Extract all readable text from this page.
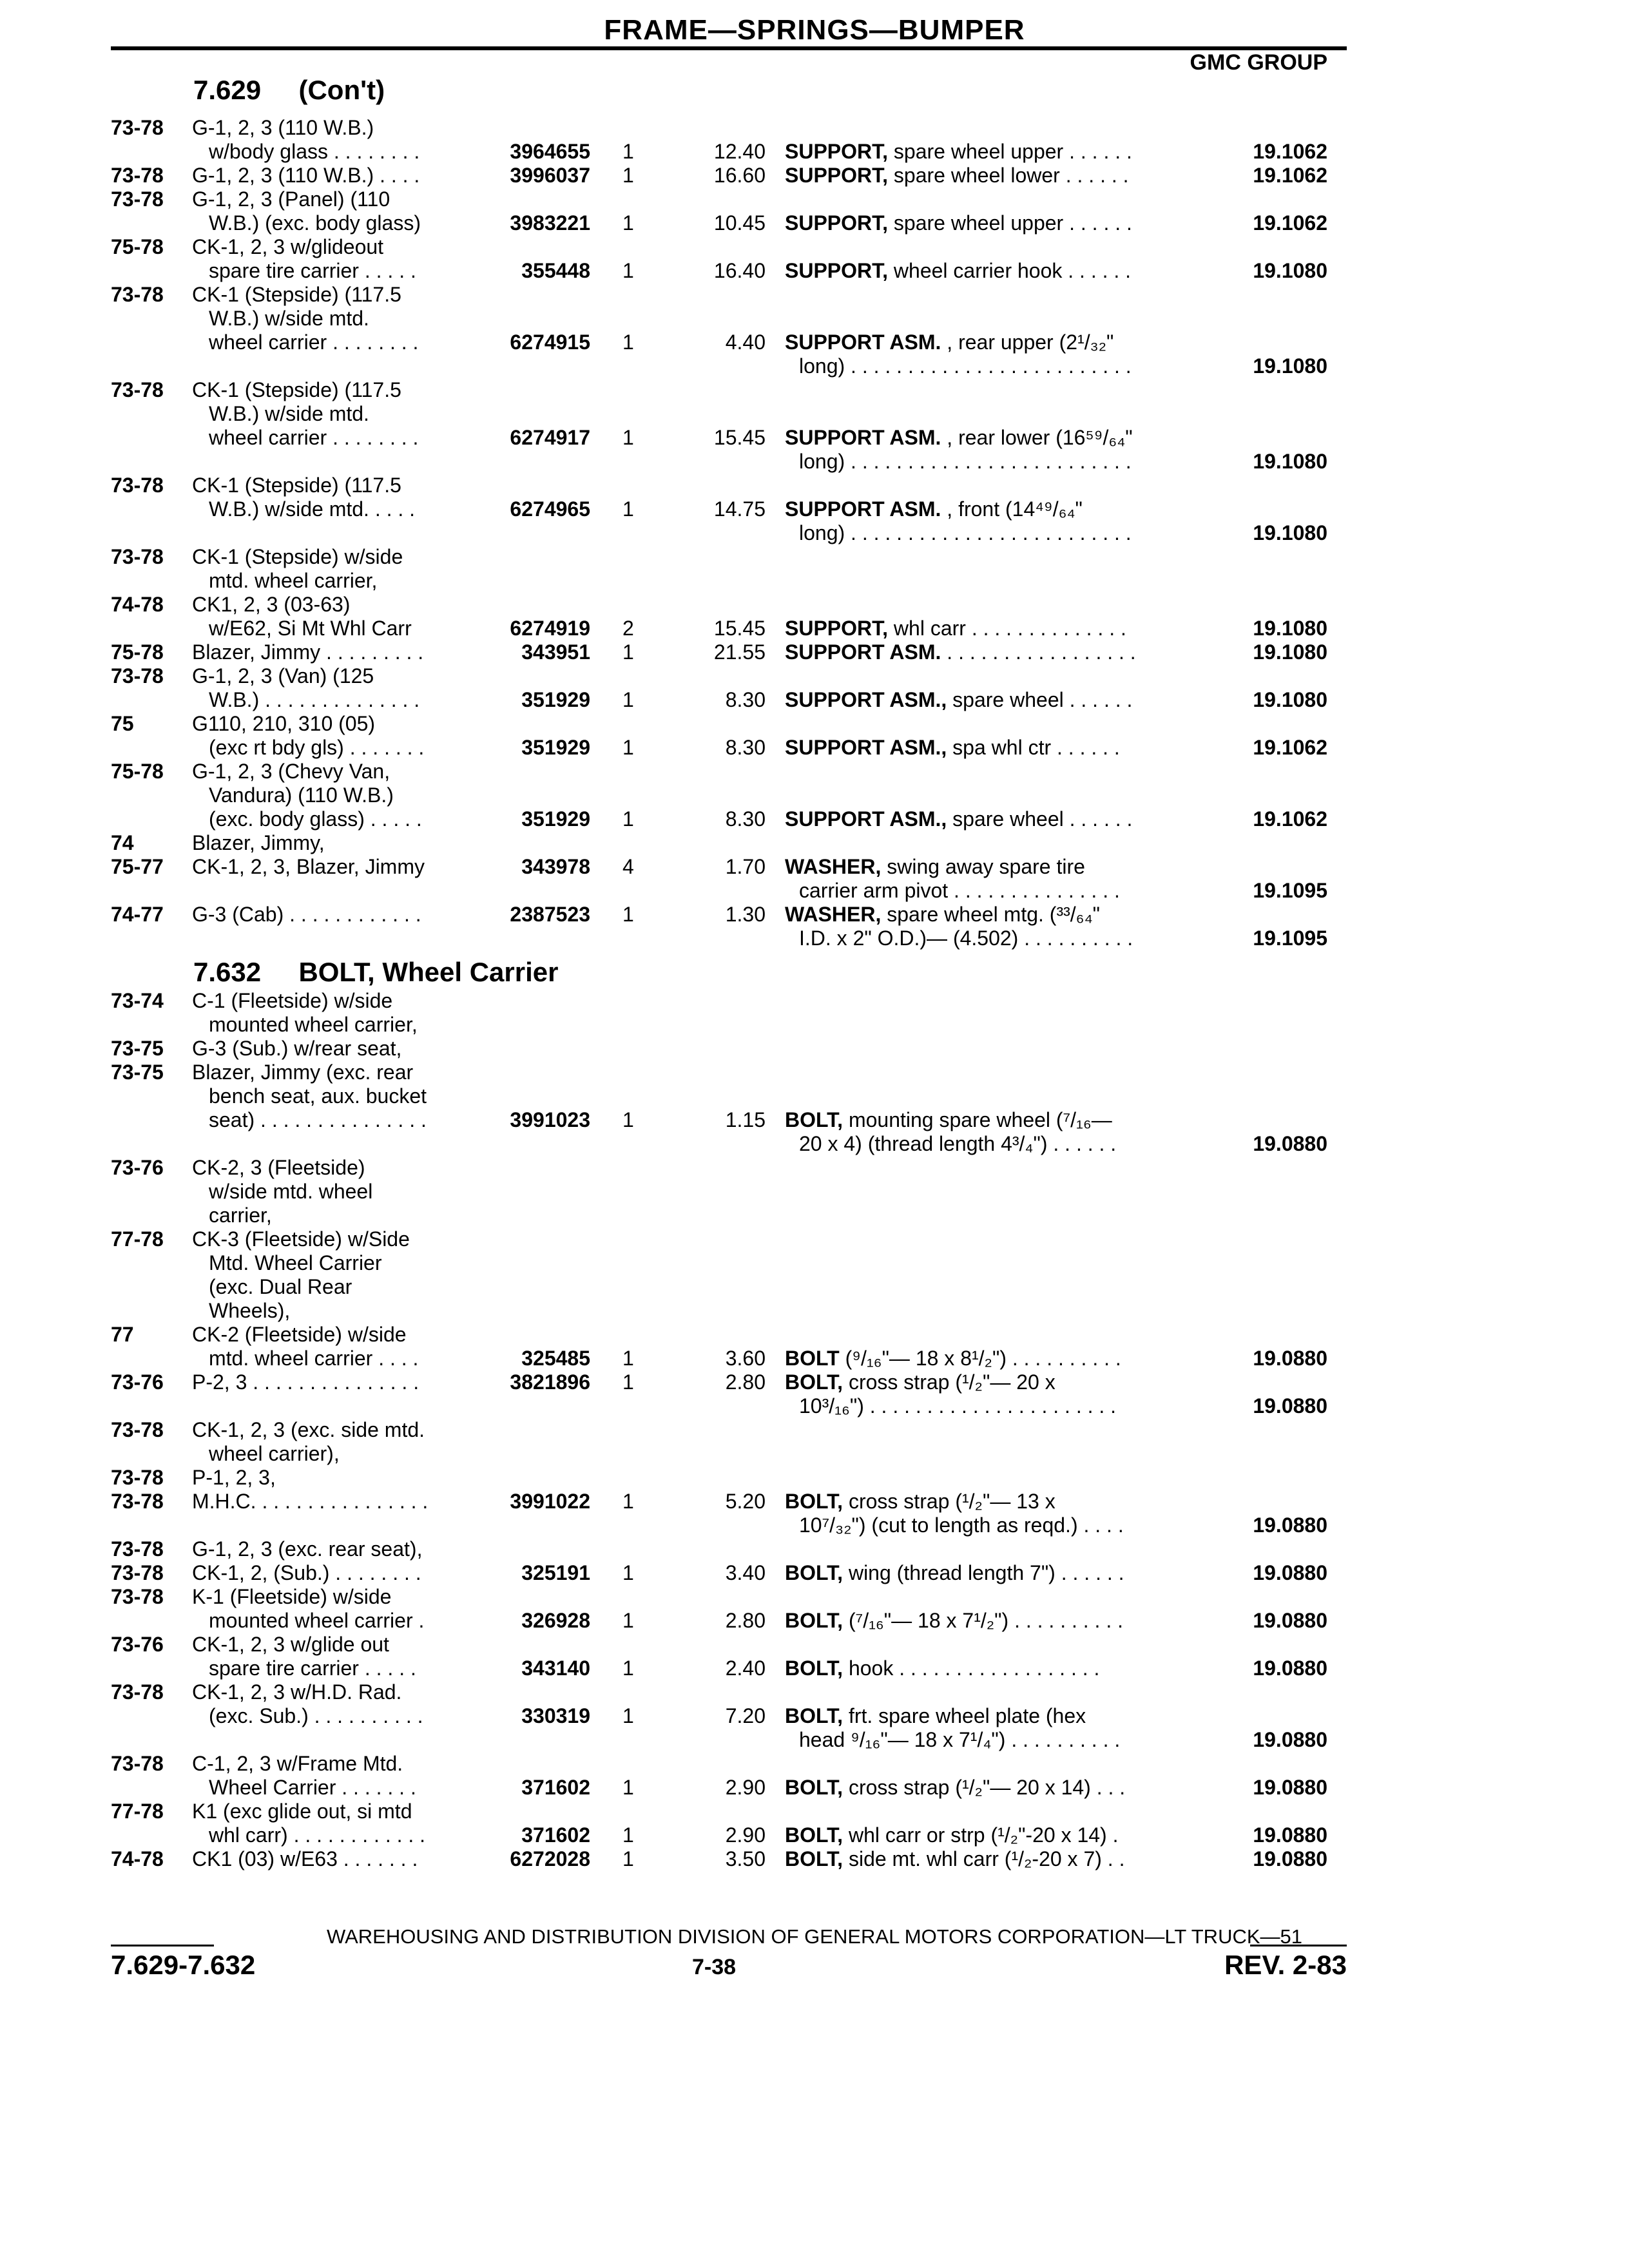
FRAME—SPRINGS—BUMPER
GMC GROUP
7.629 (Con't)
73-78 G-1, 2, 3 (110 W.B.)
w/body glass . . . . . . . .	3964655 1	12.40 SUPPORT, spare wheel upper . . . . . .	19.1062
73-78 G-1, 2, 3 (110 W.B.) . . . .	3996037 1	16.60 SUPPORT, spare wheel lower . . . . . .	19.1062
73-78 G-1, 2, 3 (Panel) (110
W.B.) (exc. body glass)	3983221 1	10.45 SUPPORT, spare wheel upper . . . . . .	19.1062
75-78 CK-1, 2, 3 w/glideout
spare tire carrier . . . . .	355448 1	16.40 SUPPORT, wheel carrier hook . . . . . .	19.1080
73-78 CK-1 (Stepside) (117.5
W.B.) w/side mtd.
wheel carrier . . . . . . . .	6274915 1	4.40 SUPPORT ASM. , rear upper (2¹/₃₂"
long) . . . . . . . . . . . . . . . . . . . . . . . . .	19.1080
73-78 CK-1 (Stepside) (117.5
W.B.) w/side mtd.
wheel carrier . . . . . . . .	6274917 1	15.45 SUPPORT ASM. , rear lower (16⁵⁹/₆₄"
long) . . . . . . . . . . . . . . . . . . . . . . . . .	19.1080
73-78 CK-1 (Stepside) (117.5
W.B.) w/side mtd. . . . .	6274965 1	14.75 SUPPORT ASM. , front (14⁴⁹/₆₄"
long) . . . . . . . . . . . . . . . . . . . . . . . . .	19.1080
73-78 CK-1 (Stepside) w/side
mtd. wheel carrier,
74-78 CK1, 2, 3 (03-63)
w/E62, Si Mt Whl Carr	6274919 2	15.45 SUPPORT, whl carr . . . . . . . . . . . . . .	19.1080
75-78 Blazer, Jimmy . . . . . . . . .	343951 1	21.55 SUPPORT ASM. . . . . . . . . . . . . . . . . .	19.1080
73-78 G-1, 2, 3 (Van) (125
W.B.) . . . . . . . . . . . . . .	351929 1	8.30 SUPPORT ASM., spare wheel . . . . . .	19.1080
75	G110, 210, 310 (05)
(exc rt bdy gls) . . . . . . .	351929 1	8.30 SUPPORT ASM., spa whl ctr . . . . . .	19.1062
75-78 G-1, 2, 3 (Chevy Van,
Vandura) (110 W.B.)
(exc. body glass) . . . . .	351929 1	8.30 SUPPORT ASM., spare wheel . . . . . .	19.1062
74	Blazer, Jimmy,
75-77 CK-1, 2, 3, Blazer, Jimmy	343978 4	1.70 WASHER, swing away spare tire
carrier arm pivot . . . . . . . . . . . . . . .	19.1095
74-77 G-3 (Cab) . . . . . . . . . . . .	2387523 1	1.30 WASHER, spare wheel mtg. (³³/₆₄"
I.D. x 2" O.D.)— (4.502) . . . . . . . . . .	19.1095
73-74 C-1 (Fleetside) w/side
mounted wheel carrier,
73-75 G-3 (Sub.) w/rear seat,
73-75 Blazer, Jimmy (exc. rear
bench seat, aux. bucket
seat) . . . . . . . . . . . . . . .	3991023 1	1.15 BOLT, mounting spare wheel (⁷/₁₆—
20 x 4) (thread length 4³/₄") . . . . . .	19.0880
73-76 CK-2, 3 (Fleetside)
w/side mtd. wheel
carrier,
77-78 CK-3 (Fleetside) w/Side
Mtd. Wheel Carrier
(exc. Dual Rear
Wheels),
77	CK-2 (Fleetside) w/side
mtd. wheel carrier . . . .	325485 1	3.60 BOLT (⁹/₁₆"— 18 x 8¹/₂") . . . . . . . . . .	19.0880
73-76 P-2, 3 . . . . . . . . . . . . . . .	3821896 1	2.80 BOLT, cross strap (¹/₂"— 20 x
10³/₁₆") . . . . . . . . . . . . . . . . . . . . . .	19.0880
73-78 CK-1, 2, 3 (exc. side mtd.
wheel carrier),
73-78 P-1, 2, 3,
73-78 M.H.C. . . . . . . . . . . . . . . .	3991022 1	5.20 BOLT, cross strap (¹/₂"— 13 x
10⁷/₃₂") (cut to length as reqd.) . . . .	19.0880
73-78 G-1, 2, 3 (exc. rear seat),
73-78 CK-1, 2, (Sub.) . . . . . . . .	325191 1	3.40 BOLT, wing (thread length 7") . . . . . .	19.0880
73-78 K-1 (Fleetside) w/side
mounted wheel carrier .	326928 1	2.80 BOLT, (⁷/₁₆"— 18 x 7¹/₂") . . . . . . . . . .	19.0880
73-76 CK-1, 2, 3 w/glide out
spare tire carrier . . . . .	343140 1	2.40 BOLT, hook . . . . . . . . . . . . . . . . . .	19.0880
73-78 CK-1, 2, 3 w/H.D. Rad.
(exc. Sub.) . . . . . . . . . .	330319 1	7.20 BOLT, frt. spare wheel plate (hex
head ⁹/₁₆"— 18 x 7¹/₄") . . . . . . . . . .	19.0880
73-78 C-1, 2, 3 w/Frame Mtd.
Wheel Carrier . . . . . . .	371602 1	2.90 BOLT, cross strap (¹/₂"— 20 x 14) . . .	19.0880
77-78 K1 (exc glide out, si mtd
whl carr) . . . . . . . . . . . .	371602 1	2.90 BOLT, whl carr or strp (¹/₂"-20 x 14) .	19.0880
74-78 CK1 (03) w/E63 . . . . . . .	6272028 1	3.50 BOLT, side mt. whl carr (¹/₂-20 x 7) . .	19.0880
WAREHOUSING AND DISTRIBUTION DIVISION OF GENERAL MOTORS CORPORATION—LT TRUCK—51
7.629-7.632	7-38	REV. 2-83
7.632 BOLT, Wheel Carrier
